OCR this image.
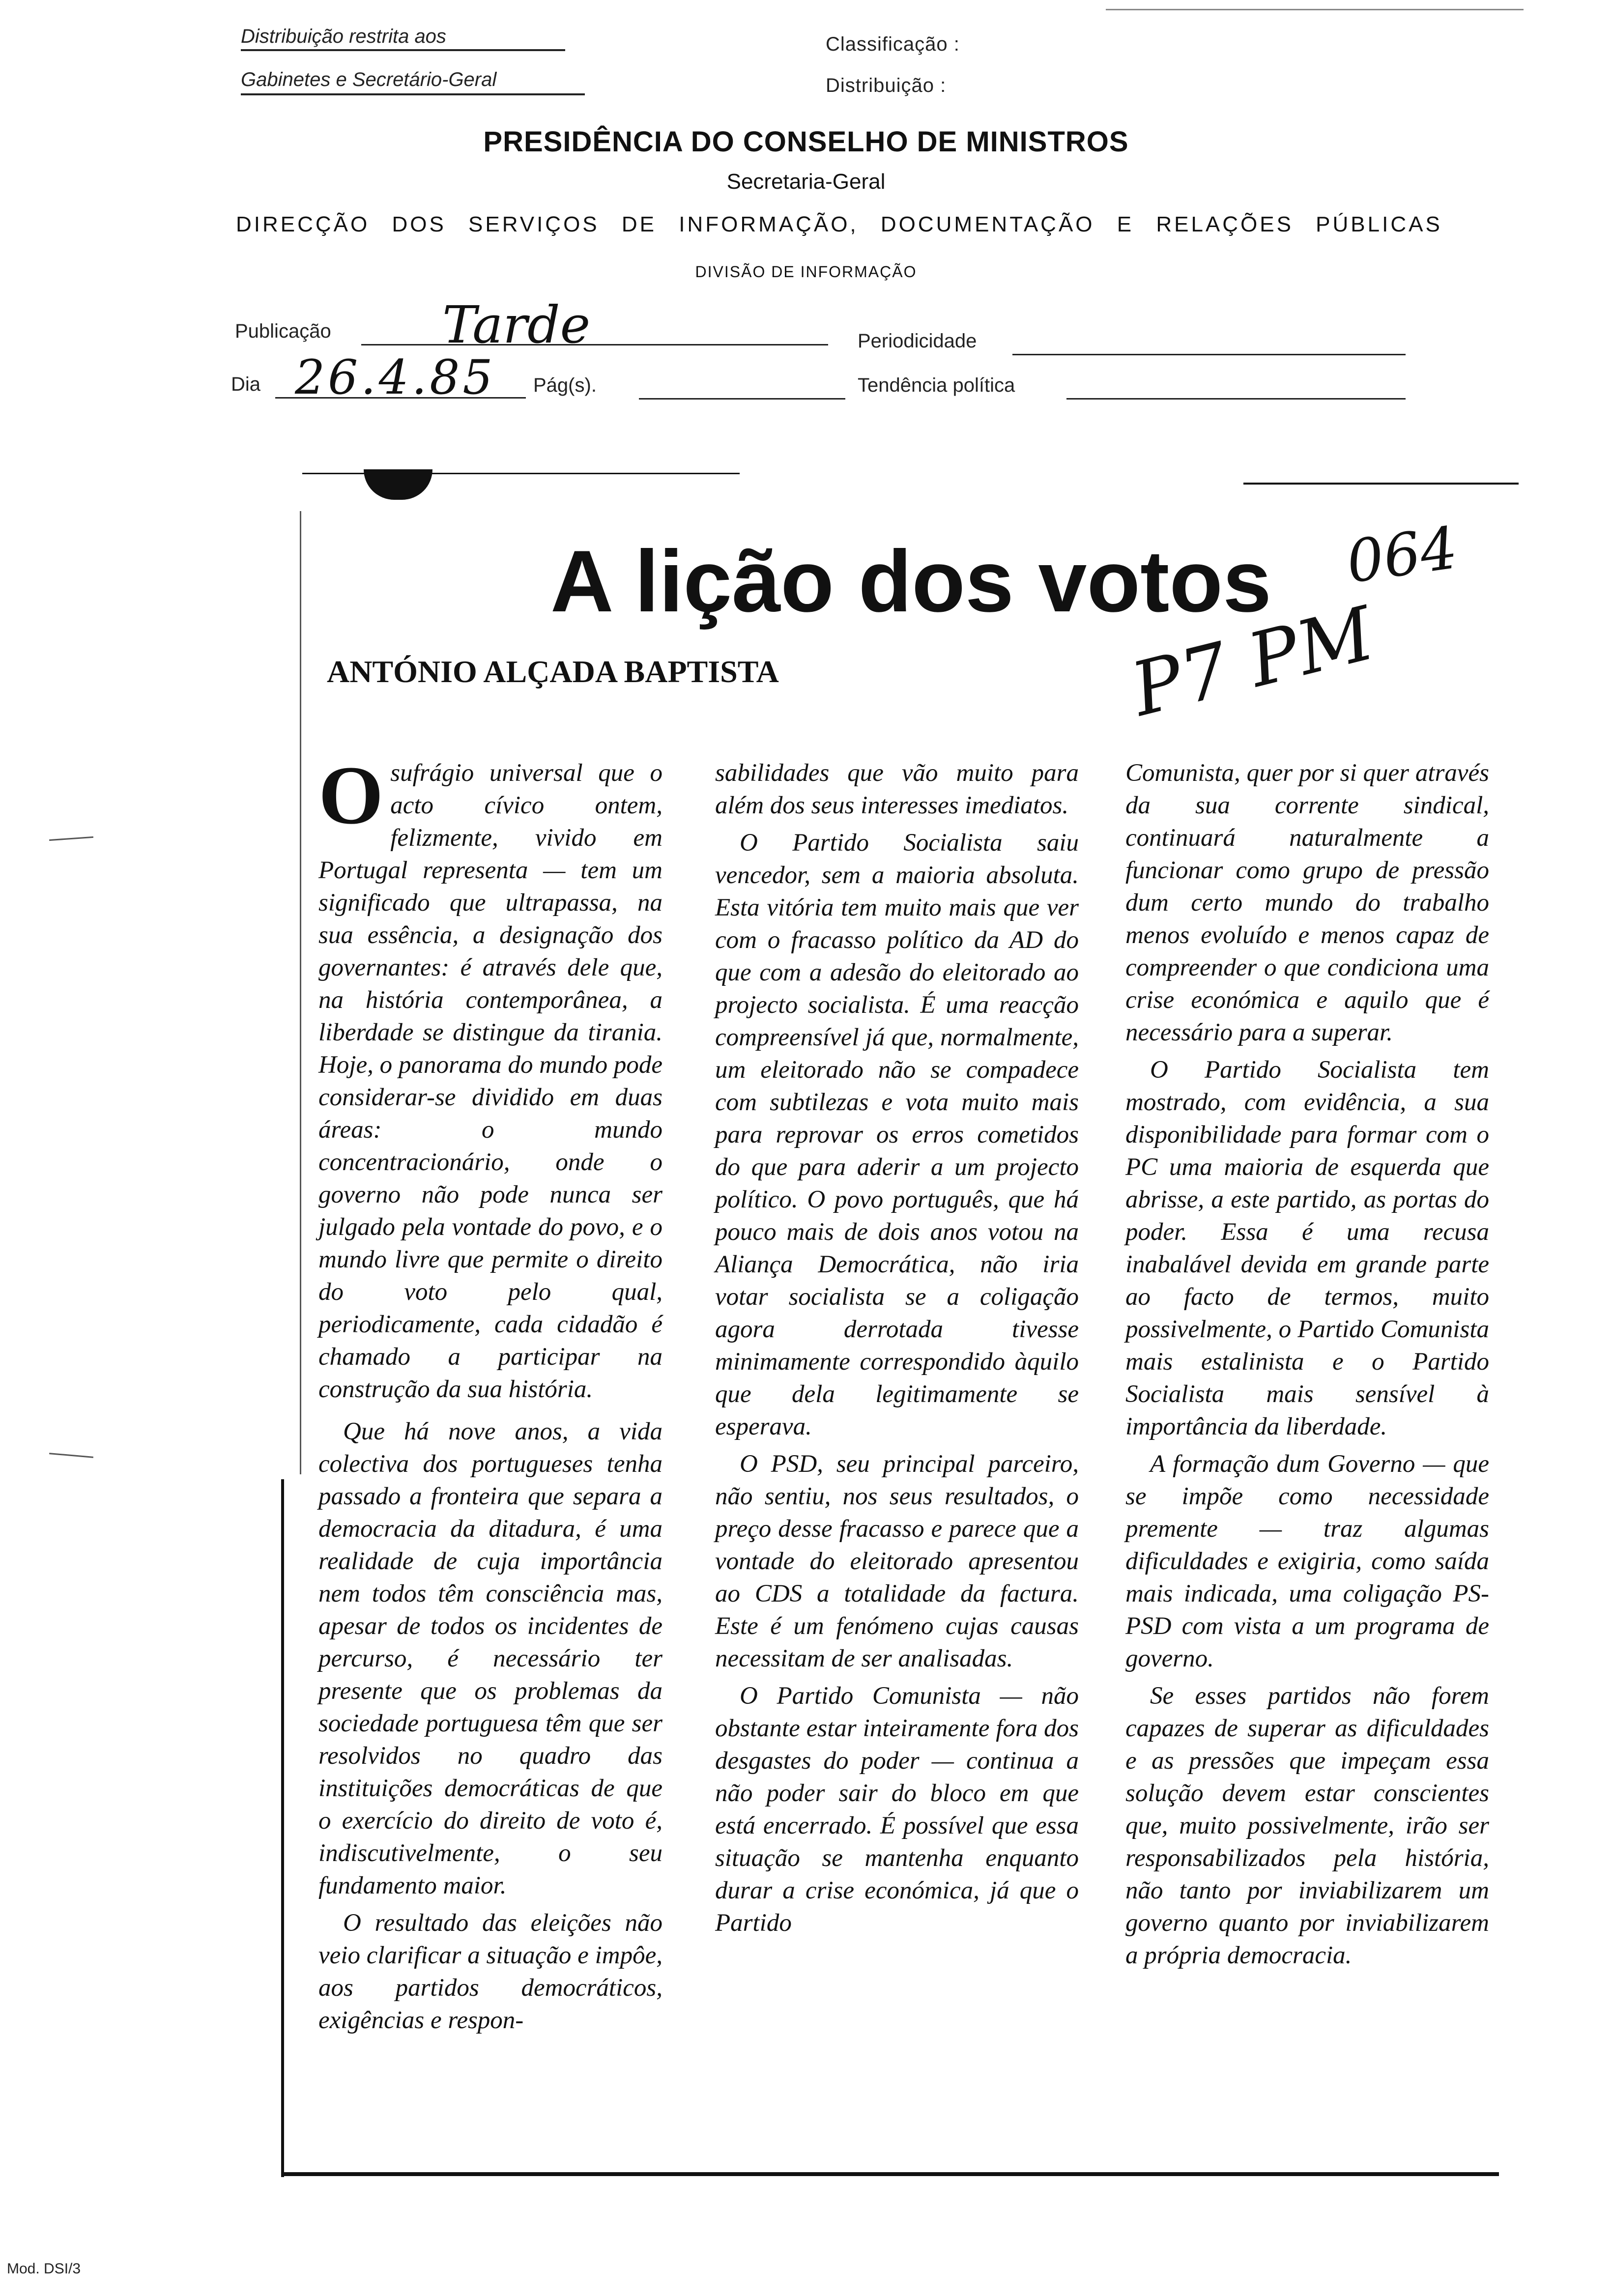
Distribuição restrita aos
Gabinetes e Secretário-Geral
Classificação :
Distribuição :
PRESIDÊNCIA DO CONSELHO DE MINISTROS
Secretaria-Geral
DIRECÇÃO DOS SERVIÇOS DE INFORMAÇÃO, DOCUMENTAÇÃO E RELAÇÕES PÚBLICAS
DIVISÃO DE INFORMAÇÃO
Publicação Tarde	Periodicidade
Dia 26.4.85 Pág(s).	Tendência política
A lição dos votos
ANTÓNIO ALÇADA BAPTISTA
064
P7 PM

O sufrágio universal que o acto cívico ontem, felizmente, vivido em Portugal representa — tem um significado que ultrapassa, na sua essência, a designação dos governantes: é através dele que, na história contemporânea, a liberdade se distingue da tirania. Hoje, o panorama do mundo pode considerar-se dividido em duas áreas: o mundo concentracionário, onde o governo não pode nunca ser julgado pela vontade do povo, e o mundo livre que permite o direito do voto pelo qual, periodicamente, cada cidadão é chamado a participar na construção da sua história.

Que há nove anos, a vida colectiva dos portugueses tenha passado a fronteira que separa a democracia da ditadura, é uma realidade de cuja importância nem todos têm consciência mas, apesar de todos os incidentes de percurso, é necessário ter presente que os problemas da sociedade portuguesa têm que ser resolvidos no quadro das instituições democráticas de que o exercício do direito de voto é, indiscutivelmente, o seu fundamento maior.

O resultado das eleições não veio clarificar a situação e impôe, aos partidos democráticos, exigências e respon-

sabilidades que vão muito para além dos seus interesses imediatos.

O Partido Socialista saiu vencedor, sem a maioria absoluta. Esta vitória tem muito mais que ver com o fracasso político da AD do que com a adesão do eleitorado ao projecto socialista. É uma reacção compreensível já que, normalmente, um eleitorado não se compadece com subtilezas e vota muito mais para reprovar os erros cometidos do que para aderir a um projecto político. O povo português, que há pouco mais de dois anos votou na Aliança Democrática, não iria votar socialista se a coligação agora derrotada tivesse minimamente correspondido àquilo que dela legitimamente se esperava.

O PSD, seu principal parceiro, não sentiu, nos seus resultados, o preço desse fracasso e parece que a vontade do eleitorado apresentou ao CDS a totalidade da factura. Este é um fenómeno cujas causas necessitam de ser analisadas.

O Partido Comunista — não obstante estar inteiramente fora dos desgastes do poder — continua a não poder sair do bloco em que está encerrado. É possível que essa situação se mantenha enquanto durar a crise económica, já que o Partido

Comunista, quer por si quer através da sua corrente sindical, continuará naturalmente a funcionar como grupo de pressão dum certo mundo do trabalho menos evoluído e menos capaz de compreender o que condiciona uma crise económica e aquilo que é necessário para a superar.

O Partido Socialista tem mostrado, com evidência, a sua disponibilidade para formar com o PC uma maioria de esquerda que abrisse, a este partido, as portas do poder. Essa é uma recusa inabalável devida em grande parte ao facto de termos, muito possivelmente, o Partido Comunista mais estalinista e o Partido Socialista mais sensível à importância da liberdade.

A formação dum Governo — que se impõe como necessidade premente — traz algumas dificuldades e exigiria, como saída mais indicada, uma coligação PS-PSD com vista a um programa de governo.

Se esses partidos não forem capazes de superar as dificuldades e as pressões que impeçam essa solução devem estar conscientes que, muito possivelmente, irão ser responsabilizados pela história, não tanto por inviabilizarem um governo quanto por inviabilizarem a própria democracia.

Mod. DSI/3
